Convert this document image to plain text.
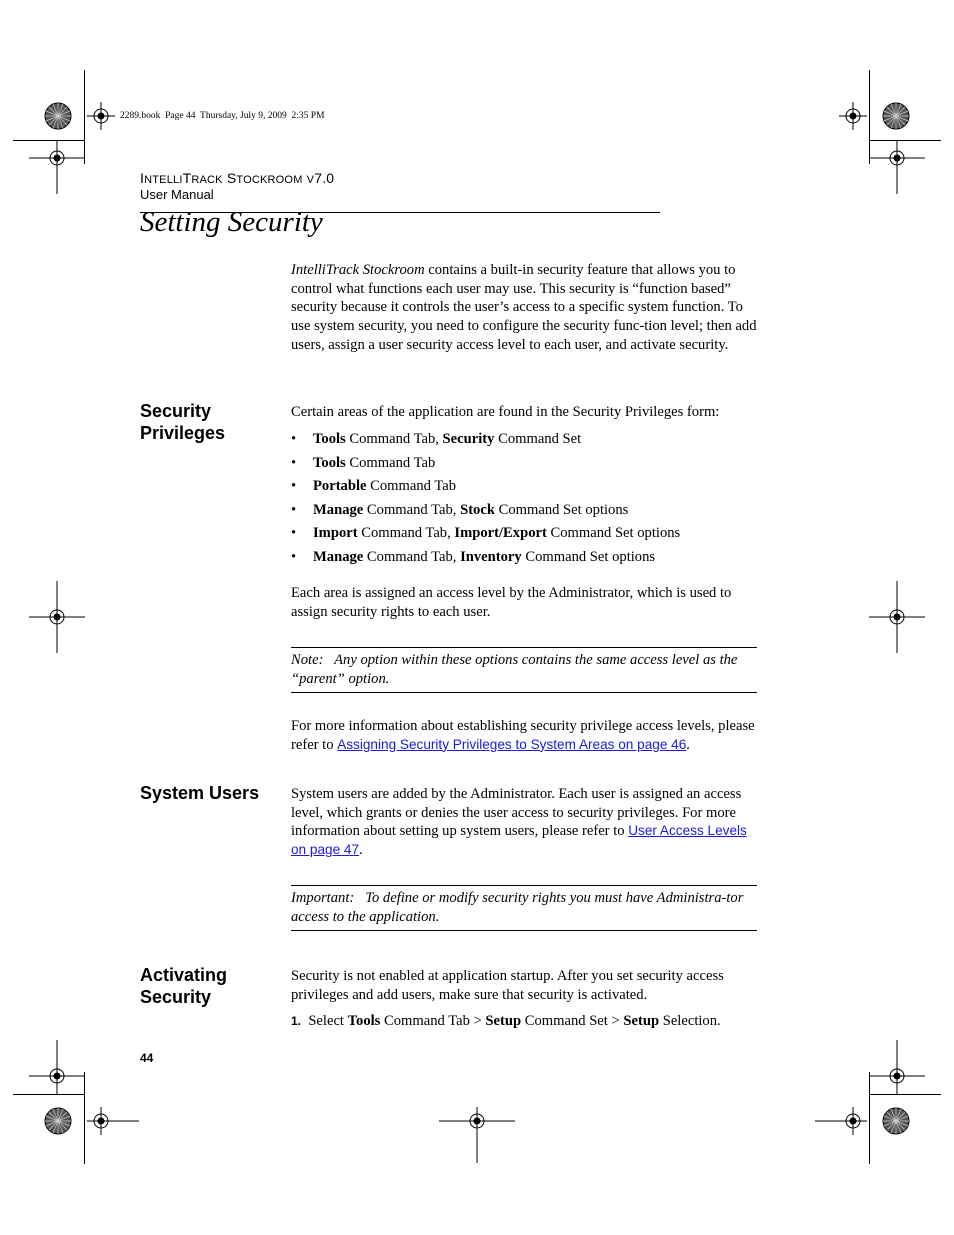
2289.book  Page 44  Thursday, July 9, 2009  2:35 PM
INTELLITRACK STOCKROOM V7.0
User Manual
Setting Security
IntelliTrack Stockroom contains a built-in security feature that allows you to control what functions each user may use. This security is “function based” security because it controls the user’s access to a specific system function. To use system security, you need to configure the security func-tion level; then add users, assign a user security access level to each user, and activate security.
Security
Privileges
Certain areas of the application are found in the Security Privileges form:
• Tools Command Tab, Security Command Set
• Tools Command Tab
• Portable Command Tab
• Manage Command Tab, Stock Command Set options
• Import Command Tab, Import/Export Command Set options
• Manage Command Tab, Inventory Command Set options
Each area is assigned an access level by the Administrator, which is used to assign security rights to each user.
Note: Any option within these options contains the same access level as the “parent” option.
For more information about establishing security privilege access levels, please refer to Assigning Security Privileges to System Areas on page 46.
System Users System users are added by the Administrator. Each user is assigned an access level, which grants or denies the user access to security privileges. For more information about setting up system users, please refer to User Access Levels on page 47.
Important: To define or modify security rights you must have Administra-tor access to the application.
Activating
Security
Security is not enabled at application startup. After you set security access privileges and add users, make sure that security is activated.
1. Select Tools Command Tab > Setup Command Set > Setup Selection.
44
